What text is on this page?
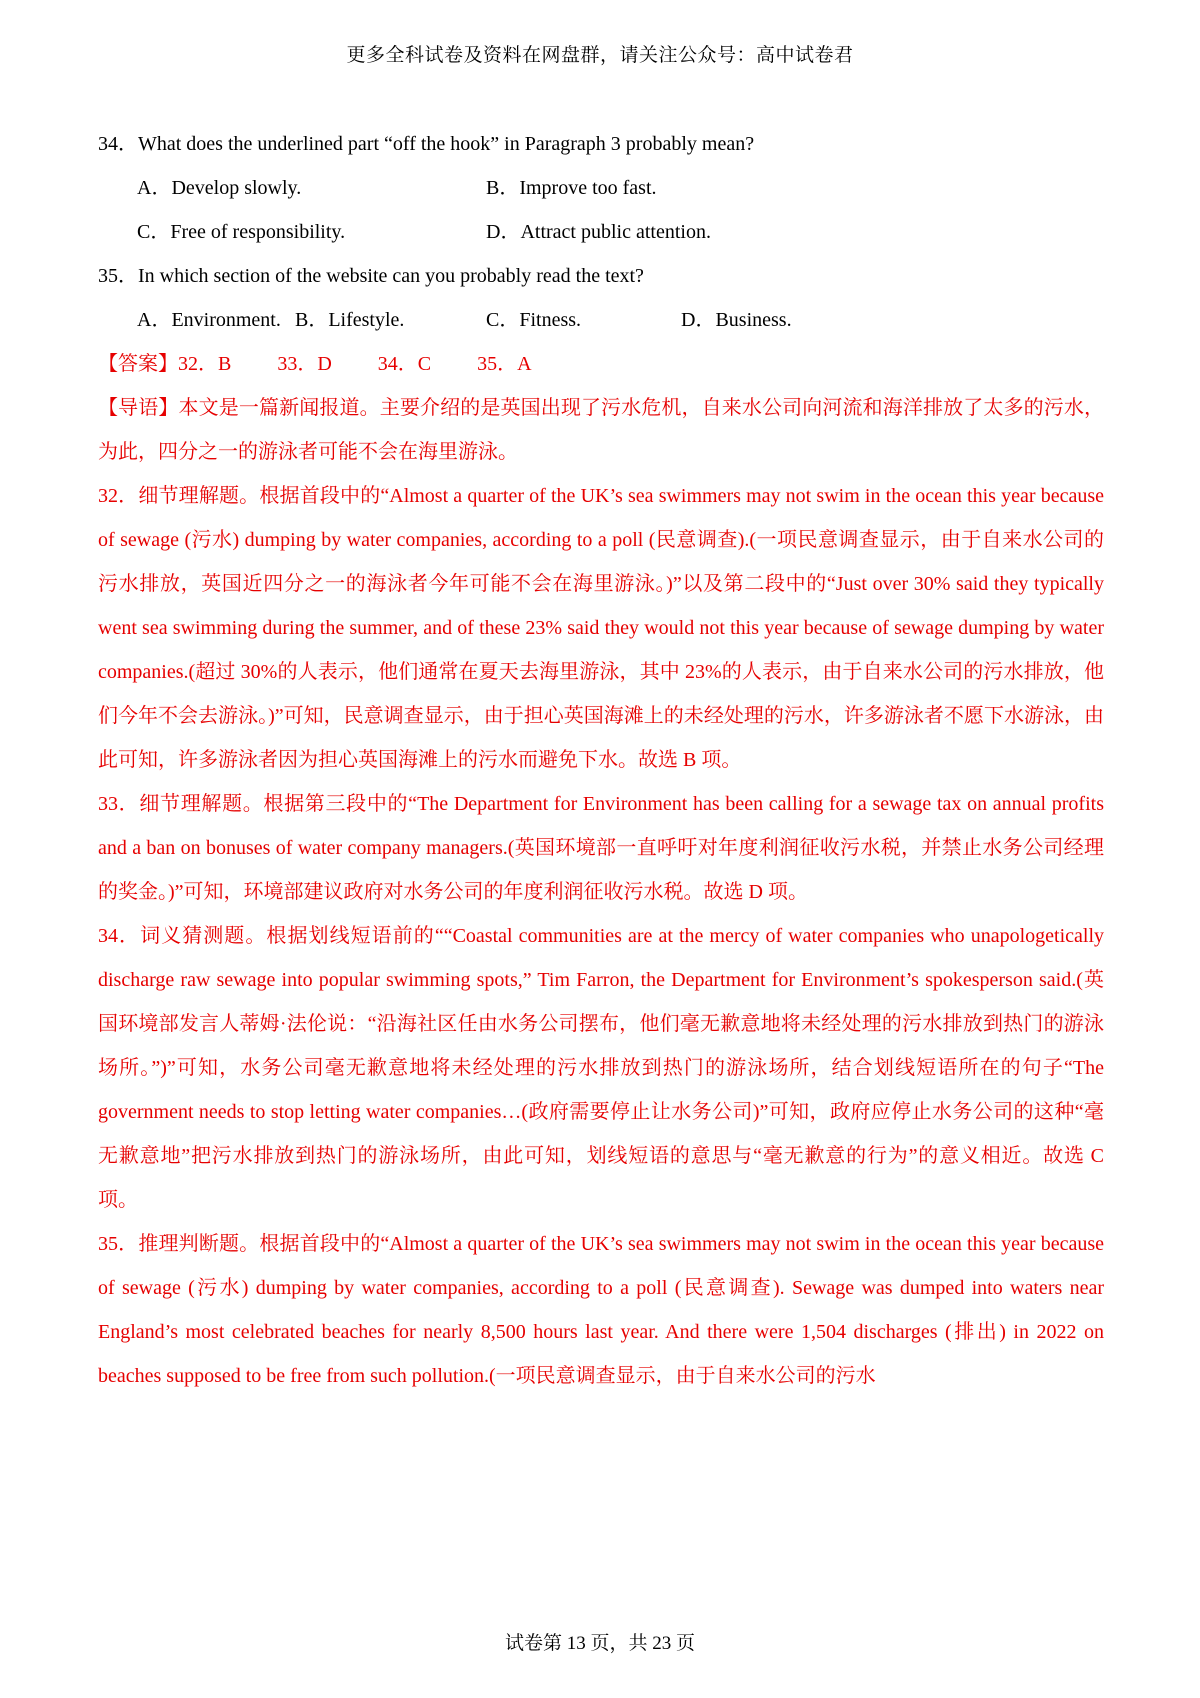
更多全科试卷及资料在网盘群，请关注公众号：高中试卷君

34．What does the underlined part “off the hook” in Paragraph 3 probably mean?

A．Develop slowly.	B．Improve too fast.
C．Free of responsibility.	D．Attract public attention.

35．In which section of the website can you probably read the text?

A．Environment. B．Lifestyle.	C．Fitness.	D．Business.

【答案】32．B 33．D 34．C 35．A

【导语】本文是一篇新闻报道。主要介绍的是英国出现了污水危机，自来水公司向河流和海洋排放了太多的污水，为此，四分之一的游泳者可能不会在海里游泳。

32．细节理解题。根据首段中的“Almost a quarter of the UK’s sea swimmers may not swim in the ocean this year because of sewage (污水) dumping by water companies, according to a poll (民意调查).(一项民意调查显示，由于自来水公司的污水排放，英国近四分之一的海泳者今年可能不会在海里游泳。)”以及第二段中的“Just over 30% said they typically went sea swimming during the summer, and of these 23% said they would not this year because of sewage dumping by water companies.(超过 30%的人表示，他们通常在夏天去海里游泳，其中 23%的人表示，由于自来水公司的污水排放，他们今年不会去游泳。)”可知，民意调查显示，由于担心英国海滩上的未经处理的污水，许多游泳者不愿下水游泳，由此可知，许多游泳者因为担心英国海滩上的污水而避免下水。故选 B 项。

33．细节理解题。根据第三段中的“The Department for Environment has been calling for a sewage tax on annual profits and a ban on bonuses of water company managers.(英国环境部一直呼吁对年度利润征收污水税，并禁止水务公司经理的奖金。)”可知，环境部建议政府对水务公司的年度利润征收污水税。故选 D 项。

34．词义猜测题。根据划线短语前的““Coastal communities are at the mercy of water companies who unapologetically discharge raw sewage into popular swimming spots,” Tim Farron, the Department for Environment’s spokesperson said.(英国环境部发言人蒂姆·法伦说：“沿海社区任由水务公司摆布，他们毫无歉意地将未经处理的污水排放到热门的游泳场所。”)”可知，水务公司毫无歉意地将未经处理的污水排放到热门的游泳场所，结合划线短语所在的句子“The government needs to stop letting water companies…(政府需要停止让水务公司)”可知，政府应停止水务公司的这种“毫无歉意地”把污水排放到热门的游泳场所，由此可知，划线短语的意思与“毫无歉意的行为”的意义相近。故选 C 项。

35．推理判断题。根据首段中的“Almost a quarter of the UK’s sea swimmers may not swim in the ocean this year because of sewage (污水) dumping by water companies, according to a poll (民意调查). Sewage was dumped into waters near England’s most celebrated beaches for nearly 8,500 hours last year. And there were 1,504 discharges (排出) in 2022 on beaches supposed to be free from such pollution.(一项民意调查显示，由于自来水公司的污水

试卷第 13 页，共 23 页
